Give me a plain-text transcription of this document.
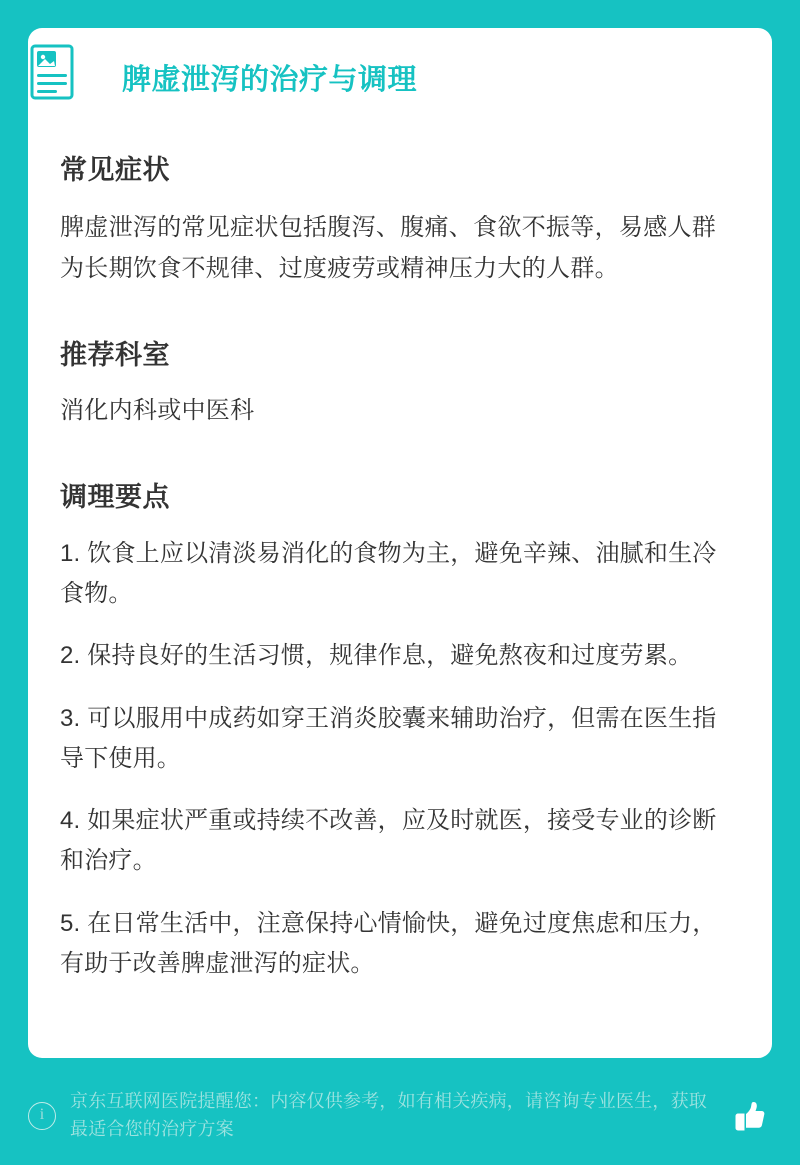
脾虚泄泻的治疗与调理
常见症状

脾虚泄泻的常见症状包括腹泻、腹痛、食欲不振等，易感人群为长期饮食不规律、过度疲劳或精神压力大的人群。

推荐科室

消化内科或中医科

调理要点
1. 饮食上应以清淡易消化的食物为主，避免辛辣、油腻和生冷食物。
2. 保持良好的生活习惯，规律作息，避免熬夜和过度劳累。
3. 可以服用中成药如穿王消炎胶囊来辅助治疗，但需在医生指导下使用。
4. 如果症状严重或持续不改善，应及时就医，接受专业的诊断和治疗。
5. 在日常生活中，注意保持心情愉快，避免过度焦虑和压力，有助于改善脾虚泄泻的症状。
i
京东互联网医院提醒您：内容仅供参考，如有相关疾病，请咨询专业医生，获取最适合您的治疗方案
